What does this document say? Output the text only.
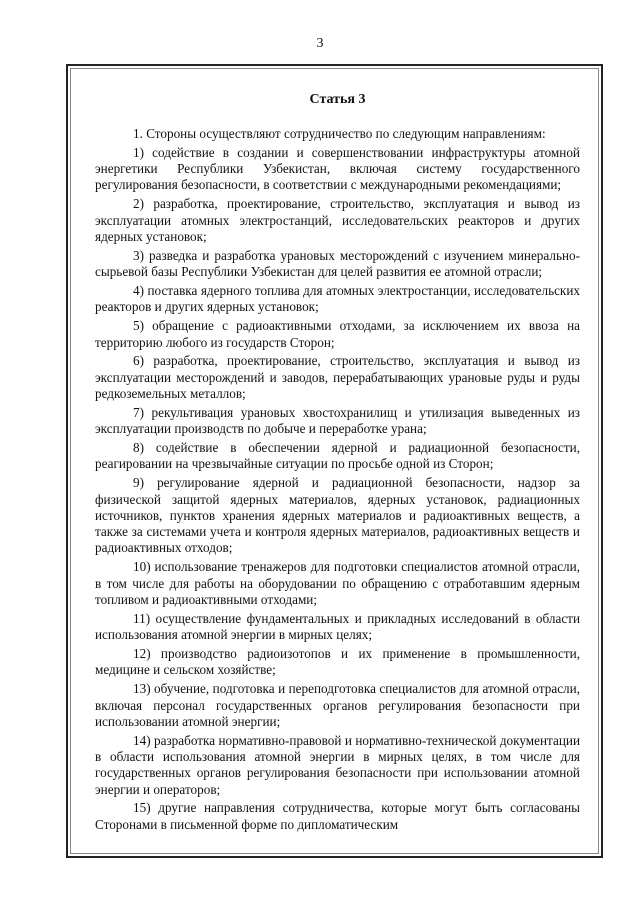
3
Статья 3

1. Стороны осуществляют сотрудничество по следующим направлениям:

1) содействие в создании и совершенствовании инфраструктуры атомной энергетики Республики Узбекистан, включая систему государственного регулирования безопасности, в соответствии с международными рекомендациями;

2) разработка, проектирование, строительство, эксплуатация и вывод из эксплуатации атомных электростанций, исследовательских реакторов и других ядерных установок;

3) разведка и разработка урановых месторождений с изучением минерально-сырьевой базы Республики Узбекистан для целей развития ее атомной отрасли;

4) поставка ядерного топлива для атомных электростанции, исследовательских реакторов и других ядерных установок;

5) обращение с радиоактивными отходами, за исключением их ввоза на территорию любого из государств Сторон;

6) разработка, проектирование, строительство, эксплуатация и вывод из эксплуатации месторождений и заводов, перерабатывающих урановые руды и руды редкоземельных металлов;

7) рекультивация урановых хвостохранилищ и утилизация выведенных из эксплуатации производств по добыче и переработке урана;

8) содействие в обеспечении ядерной и радиационной безопасности, реагировании на чрезвычайные ситуации по просьбе одной из Сторон;

9) регулирование ядерной и радиационной безопасности, надзор за физической защитой ядерных материалов, ядерных установок, радиационных источников, пунктов хранения ядерных материалов и радиоактивных веществ, а также за системами учета и контроля ядерных материалов, радиоактивных веществ и радиоактивных отходов;

10) использование тренажеров для подготовки специалистов атомной отрасли, в том числе для работы на оборудовании по обращению с отработавшим ядерным топливом и радиоактивными отходами;

11) осуществление фундаментальных и прикладных исследований в области использования атомной энергии в мирных целях;

12) производство радиоизотопов и их применение в промышленности, медицине и сельском хозяйстве;

13) обучение, подготовка и переподготовка специалистов для атомной отрасли, включая персонал государственных органов регулирования безопасности при использовании атомной энергии;

14) разработка нормативно-правовой и нормативно-технической документации в области использования атомной энергии в мирных целях, в том числе для государственных органов регулирования безопасности при использовании атомной энергии и операторов;

15) другие направления сотрудничества, которые могут быть согласованы Сторонами в письменной форме по дипломатическим
